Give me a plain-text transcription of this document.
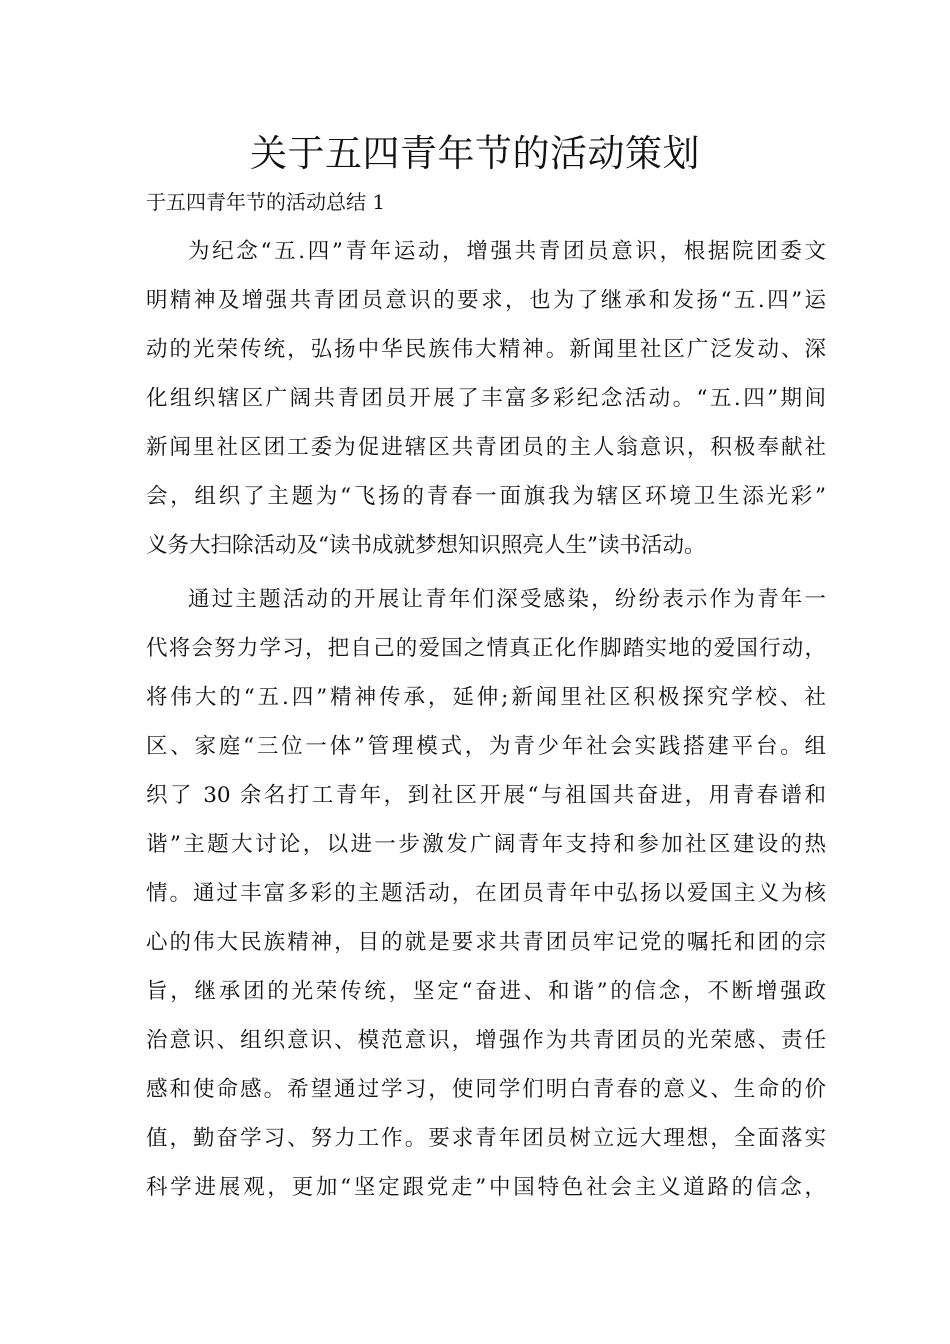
关于五四青年节的活动策划

于五四青年节的活动总结 1

为纪念“五.四”青年运动，增强共青团员意识，根据院团委文

明精神及增强共青团员意识的要求，也为了继承和发扬“五.四”运

动的光荣传统，弘扬中华民族伟大精神。新闻里社区广泛发动、深

化组织辖区广阔共青团员开展了丰富多彩纪念活动。“五.四”期间

新闻里社区团工委为促进辖区共青团员的主人翁意识，积极奉献社

会，组织了主题为“飞扬的青春一面旗我为辖区环境卫生添光彩”

义务大扫除活动及“读书成就梦想知识照亮人生”读书活动。

通过主题活动的开展让青年们深受感染，纷纷表示作为青年一

代将会努力学习，把自己的爱国之情真正化作脚踏实地的爱国行动，

将伟大的“五.四”精神传承，延伸;新闻里社区积极探究学校、社

区、家庭“三位一体”管理模式，为青少年社会实践搭建平台。组

织了 30 余名打工青年，到社区开展“与祖国共奋进，用青春谱和

谐”主题大讨论，以进一步激发广阔青年支持和参加社区建设的热

情。通过丰富多彩的主题活动，在团员青年中弘扬以爱国主义为核

心的伟大民族精神，目的就是要求共青团员牢记党的嘱托和团的宗

旨，继承团的光荣传统，坚定“奋进、和谐”的信念，不断增强政

治意识、组织意识、模范意识，增强作为共青团员的光荣感、责任

感和使命感。希望通过学习，使同学们明白青春的意义、生命的价

值，勤奋学习、努力工作。要求青年团员树立远大理想，全面落实

科学进展观，更加“坚定跟党走”中国特色社会主义道路的信念，
